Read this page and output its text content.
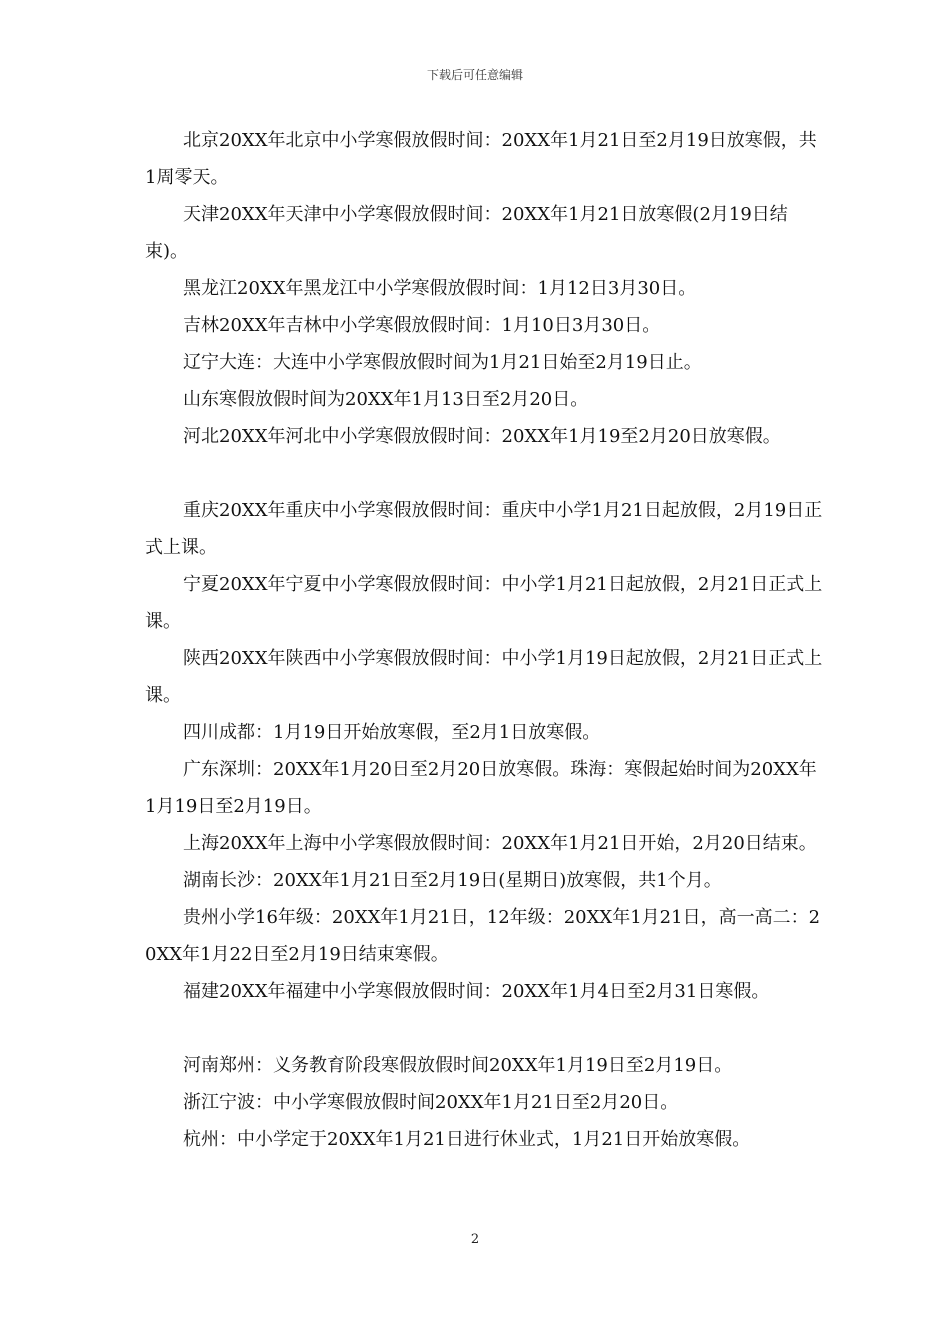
下载后可任意编辑

北京20XX年北京中小学寒假放假时间：20XX年1月21日至2月19日放寒假，共1周零天。

天津20XX年天津中小学寒假放假时间：20XX年1月21日放寒假(2月19日结束)。

黑龙江20XX年黑龙江中小学寒假放假时间：1月12日3月30日。

吉林20XX年吉林中小学寒假放假时间：1月10日3月30日。

辽宁大连：大连中小学寒假放假时间为1月21日始至2月19日止。

山东寒假放假时间为20XX年1月13日至2月20日。

河北20XX年河北中小学寒假放假时间：20XX年1月19至2月20日放寒假。

重庆20XX年重庆中小学寒假放假时间：重庆中小学1月21日起放假，2月19日正式上课。

宁夏20XX年宁夏中小学寒假放假时间：中小学1月21日起放假，2月21日正式上课。

陕西20XX年陕西中小学寒假放假时间：中小学1月19日起放假，2月21日正式上课。

四川成都：1月19日开始放寒假，至2月1日放寒假。

广东深圳：20XX年1月20日至2月20日放寒假。珠海：寒假起始时间为20XX年1月19日至2月19日。

上海20XX年上海中小学寒假放假时间：20XX年1月21日开始，2月20日结束。

湖南长沙：20XX年1月21日至2月19日(星期日)放寒假，共1个月。

贵州小学16年级：20XX年1月21日，12年级：20XX年1月21日，高一高二：20XX年1月22日至2月19日结束寒假。

福建20XX年福建中小学寒假放假时间：20XX年1月4日至2月31日寒假。

河南郑州：义务教育阶段寒假放假时间20XX年1月19日至2月19日。

浙江宁波：中小学寒假放假时间20XX年1月21日至2月20日。

杭州：中小学定于20XX年1月21日进行休业式，1月21日开始放寒假。

2
